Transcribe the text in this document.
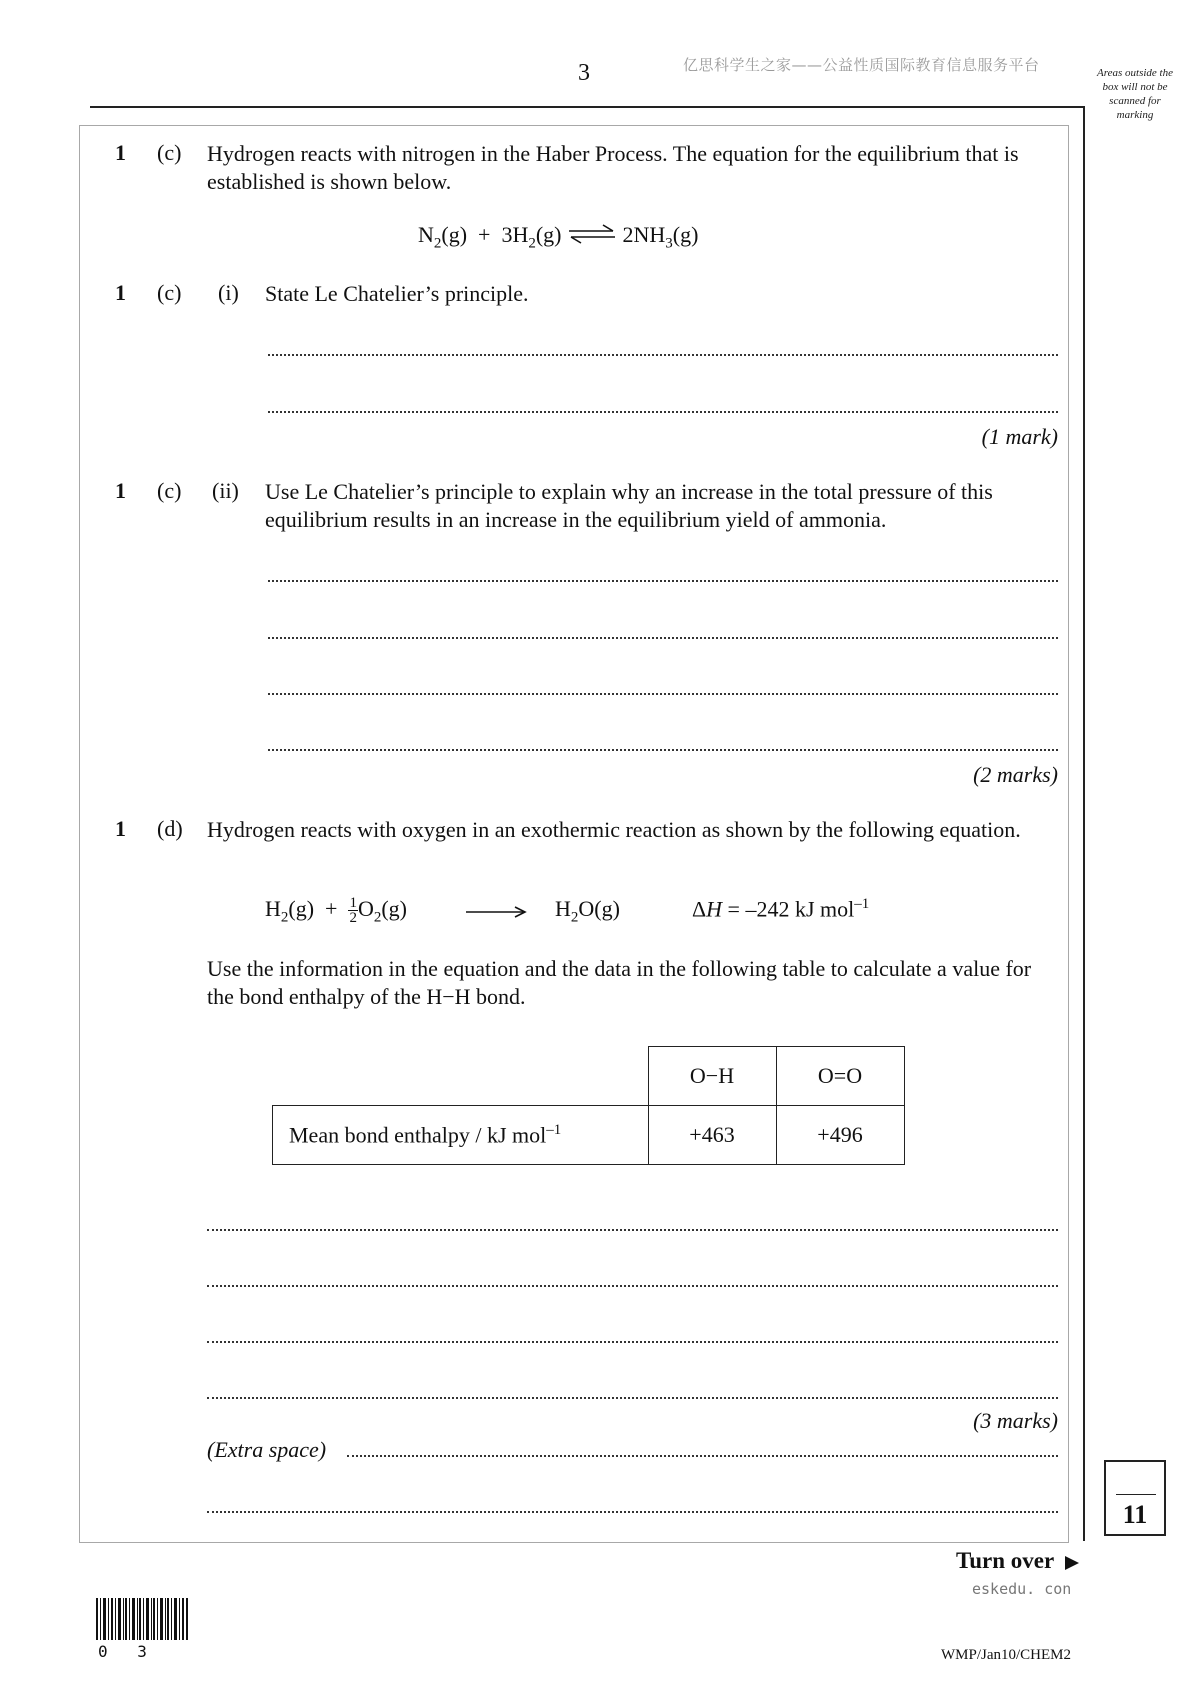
3	亿思科学生之家——公益性质国际教育信息服务平台	Areas outside the box will not be scanned for marking
1 (c) Hydrogen reacts with nitrogen in the Haber Process. The equation for the equilibrium that is established is shown below.
$N_2(g) + 3H_2(g)$ ⇌ $2NH_3(g)$
1 (c) (i) State Le Chatelier’s principle.
(1 mark)
1 (c) (ii) Use Le Chatelier’s principle to explain why an increase in the total pressure of this equilibrium results in an increase in the equilibrium yield of ammonia.
(2 marks)
1 (d) Hydrogen reacts with oxygen in an exothermic reaction as shown by the following equation.
$H_2(g) + \frac{1}{2} O_2(g)$	$H_2O(g)$	ΔH = –242 kJ mol$^{-1}$
Use the information in the equation and the data in the following table to calculate a value for the bond enthalpy of the H−H bond.
	O−H	O=O
Mean bond enthalpy / kJ mol$^{-1}$	+463	+496
(3 marks)
(Extra space)
11
Turn over
eskedu. con
0 3	WMP/Jan10/CHEM2
